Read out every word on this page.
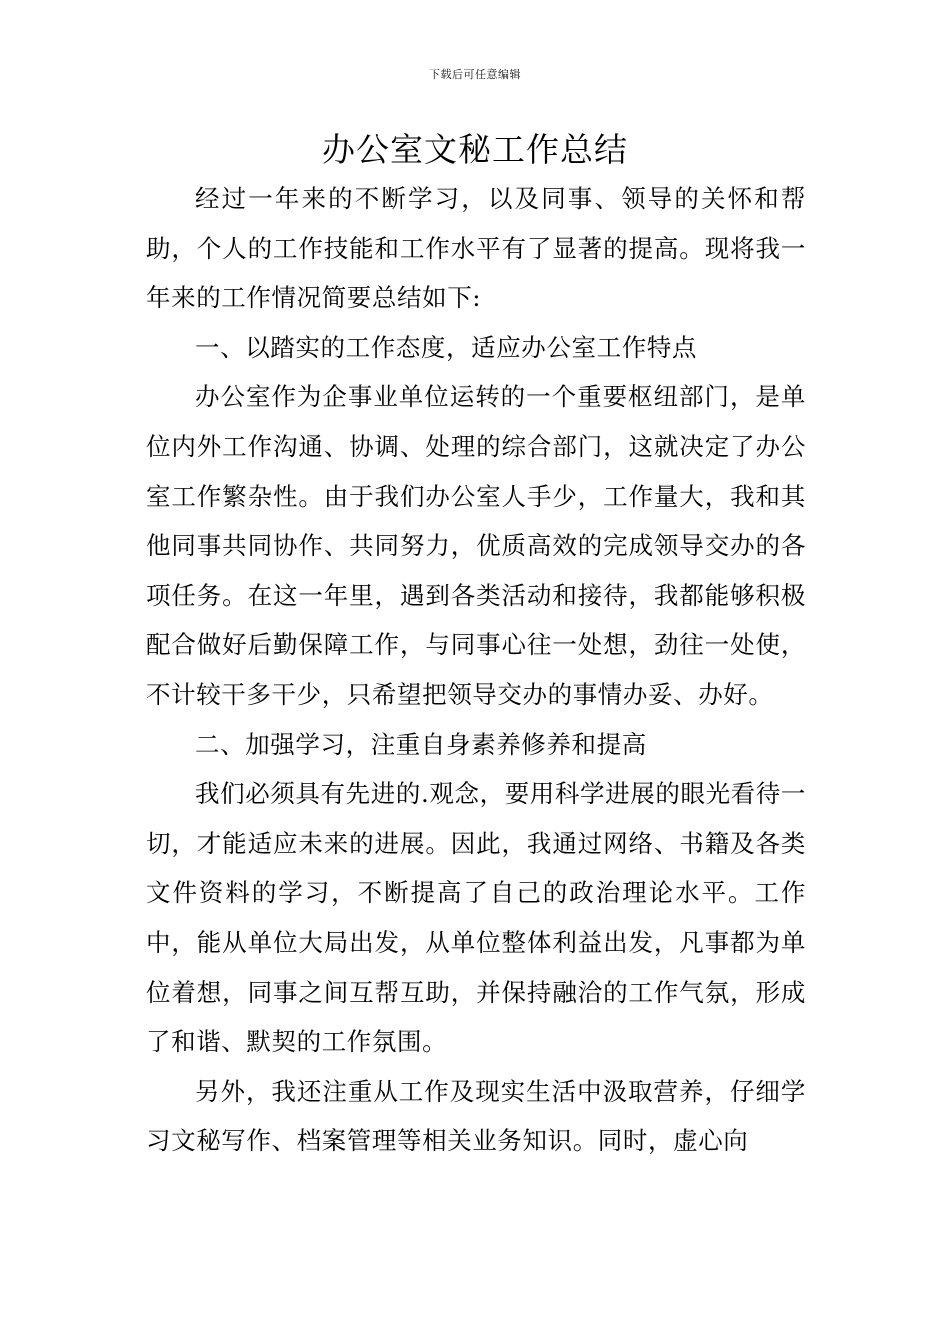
下载后可任意编辑
办公室文秘工作总结

经过一年来的不断学习，以及同事、领导的关怀和帮助，个人的工作技能和工作水平有了显著的提高。现将我一年来的工作情况简要总结如下:

一、以踏实的工作态度，适应办公室工作特点

办公室作为企事业单位运转的一个重要枢纽部门，是单位内外工作沟通、协调、处理的综合部门，这就决定了办公室工作繁杂性。由于我们办公室人手少，工作量大，我和其他同事共同协作、共同努力，优质高效的完成领导交办的各项任务。在这一年里，遇到各类活动和接待，我都能够积极配合做好后勤保障工作，与同事心往一处想，劲往一处使，不计较干多干少，只希望把领导交办的事情办妥、办好。

二、加强学习，注重自身素养修养和提高

我们必须具有先进的.观念，要用科学进展的眼光看待一切，才能适应未来的进展。因此，我通过网络、书籍及各类文件资料的学习，不断提高了自己的政治理论水平。工作中，能从单位大局出发，从单位整体利益出发，凡事都为单位着想，同事之间互帮互助，并保持融洽的工作气氛，形成了和谐、默契的工作氛围。

另外，我还注重从工作及现实生活中汲取营养，仔细学习文秘写作、档案管理等相关业务知识。同时，虚心向
